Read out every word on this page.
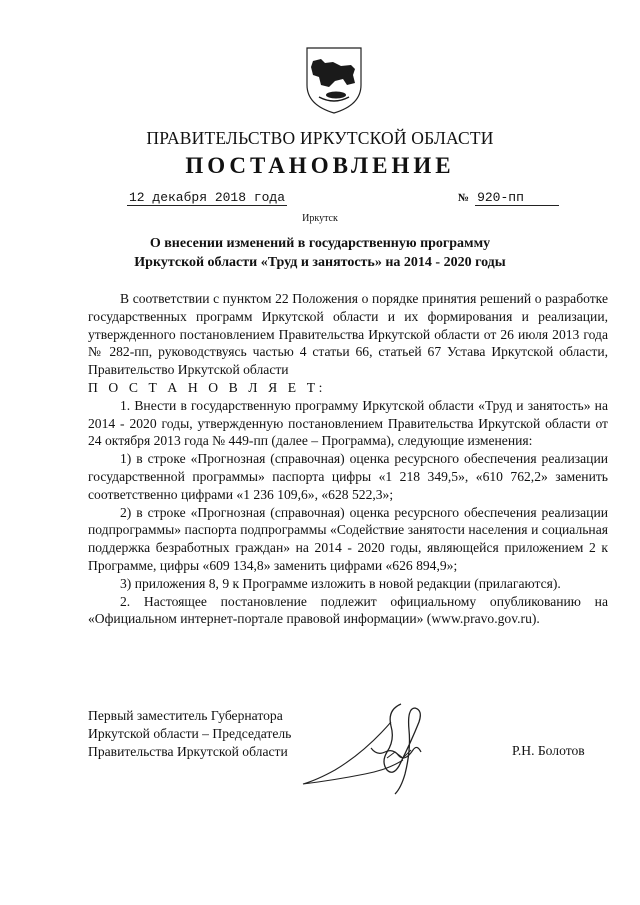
ПРАВИТЕЛЬСТВО ИРКУТСКОЙ ОБЛАСТИ
ПОСТАНОВЛЕНИЕ
12 декабря 2018 года	№ 920-пп
Иркутск
О внесении изменений в государственную программу
Иркутской области «Труд и занятость» на 2014 - 2020 годы

В соответствии с пунктом 22 Положения о порядке принятия решений о разработке государственных программ Иркутской области и их формирования и реализации, утвержденного постановлением Правительства Иркутской области от 26 июля 2013 года № 282-пп, руководствуясь частью 4 статьи 66, статьей 67 Устава Иркутской области, Правительство Иркутской области

П О С Т А Н О В Л Я Е Т:

1. Внести в государственную программу Иркутской области «Труд и занятость» на 2014 - 2020 годы, утвержденную постановлением Правительства Иркутской области от 24 октября 2013 года № 449-пп (далее – Программа), следующие изменения:

1) в строке «Прогнозная (справочная) оценка ресурсного обеспечения реализации государственной программы» паспорта цифры «1 218 349,5», «610 762,2» заменить соответственно цифрами «1 236 109,6», «628 522,3»;

2) в строке «Прогнозная (справочная) оценка ресурсного обеспечения реализации подпрограммы» паспорта подпрограммы «Содействие занятости населения и социальная поддержка безработных граждан» на 2014 - 2020 годы, являющейся приложением 2 к Программе, цифры «609 134,8» заменить цифрами «626 894,9»;

3) приложения 8, 9 к Программе изложить в новой редакции (прилагаются).

2. Настоящее постановление подлежит официальному опубликованию на «Официальном интернет-портале правовой информации» (www.pravo.gov.ru).

Первый заместитель Губернатора
Иркутской области – Председатель
Правительства Иркутской области	Р.Н. Болотов
